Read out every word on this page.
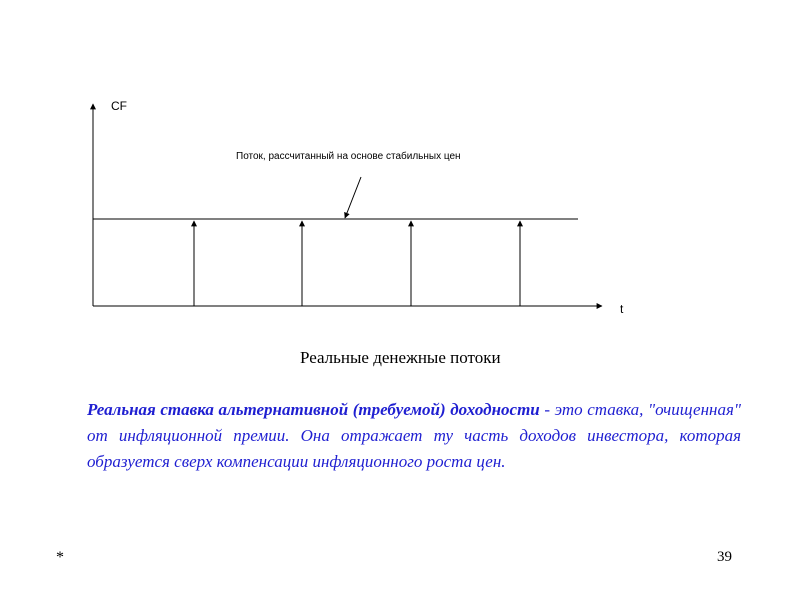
CF
t
Поток, рассчитанный на основе стабильных цен
Реальные денежные потоки
Реальная ставка альтернативной (требуемой) доходности - это ставка, "очищенная" от инфляционной премии. Она отражает ту часть доходов инвестора, которая образуется сверх компенсации инфляционного роста цен.
*	39
